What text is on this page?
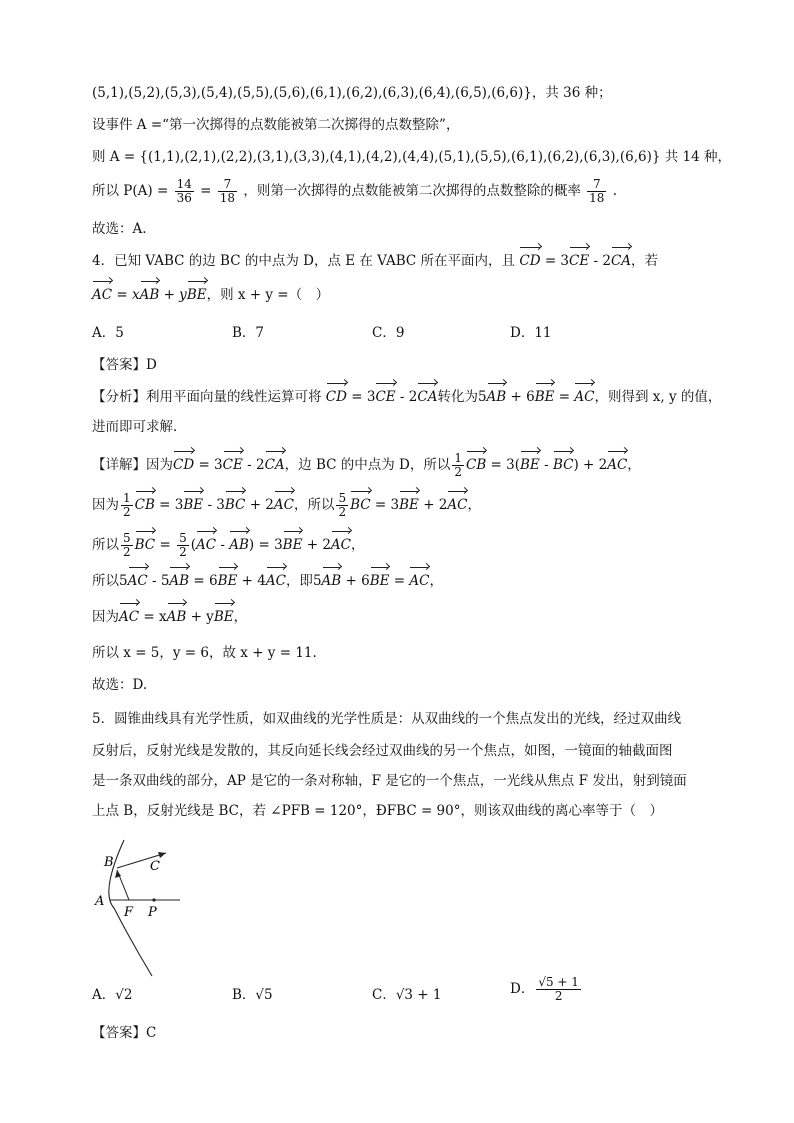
(5,1),(5,2),(5,3),(5,4),(5,5),(5,6),(6,1),(6,2),(6,3),(6,4),(6,5),(6,6)}，共 36 种；
设事件 A =“第一次掷得的点数能被第二次掷得的点数整除”，
则 A = {(1,1),(2,1),(2,2),(3,1),(3,3),(4,1),(4,2),(4,4),(5,1),(5,5),(6,1),(6,2),(6,3),(6,6)} 共 14 种，
所以 $P(A) = \frac{14}{36} = \frac{7}{18}$ ，则第一次掷得的点数能被第二次掷得的点数整除的概率 $\frac{7}{18}$ .
故选：A.
4．已知 VABC 的边 BC 的中点为 D，点 E 在 VABC 所在平面内，且 CD = 3CE - 2CA，若
AC = xAB + yBE，则 x + y =（　）
A．5	B．7	C．9	D．11
【答案】D
【分析】利用平面向量的线性运算可将 CD = 3CE - 2CA转化为5AB + 6BE = AC，则得到 x, y 的值，
进而即可求解．
【详解】因为CD = 3CE - 2CA，边 BC 的中点为 D，所以 $\frac{1}{2}$ CB = 3(BE - BC) + 2AC，
因为 $\frac{1}{2}$ CB = 3BE - 3BC + 2AC，所以 $\frac{5}{2}$ BC = 3BE + 2AC，
所以 $\frac{5}{2}$ BC = $\frac{5}{2} (AC - AB) = 3BE + 2AC$，
所以5AC - 5AB = 6BE + 4AC，即5AB + 6BE = AC，
因为AC = xAB + yBE，
所以 x = 5，y = 6，故 x + y = 11.
故选：D.
5．圆锥曲线具有光学性质，如双曲线的光学性质是：从双曲线的一个焦点发出的光线，经过双曲线
反射后，反射光线是发散的，其反向延长线会经过双曲线的另一个焦点，如图，一镜面的轴截面图
是一条双曲线的部分，AP 是它的一条对称轴，F 是它的一个焦点，一光线从焦点 F 发出，射到镜面
上点 B，反射光线是 BC，若 ∠PFB = 120°，ÐFBC = 90°，则该双曲线的离心率等于（　）
B	C
A
F P
A．√2	B．√5	C．√3 + 1	D． $\frac{√5 + 1}{2}$
【答案】C
